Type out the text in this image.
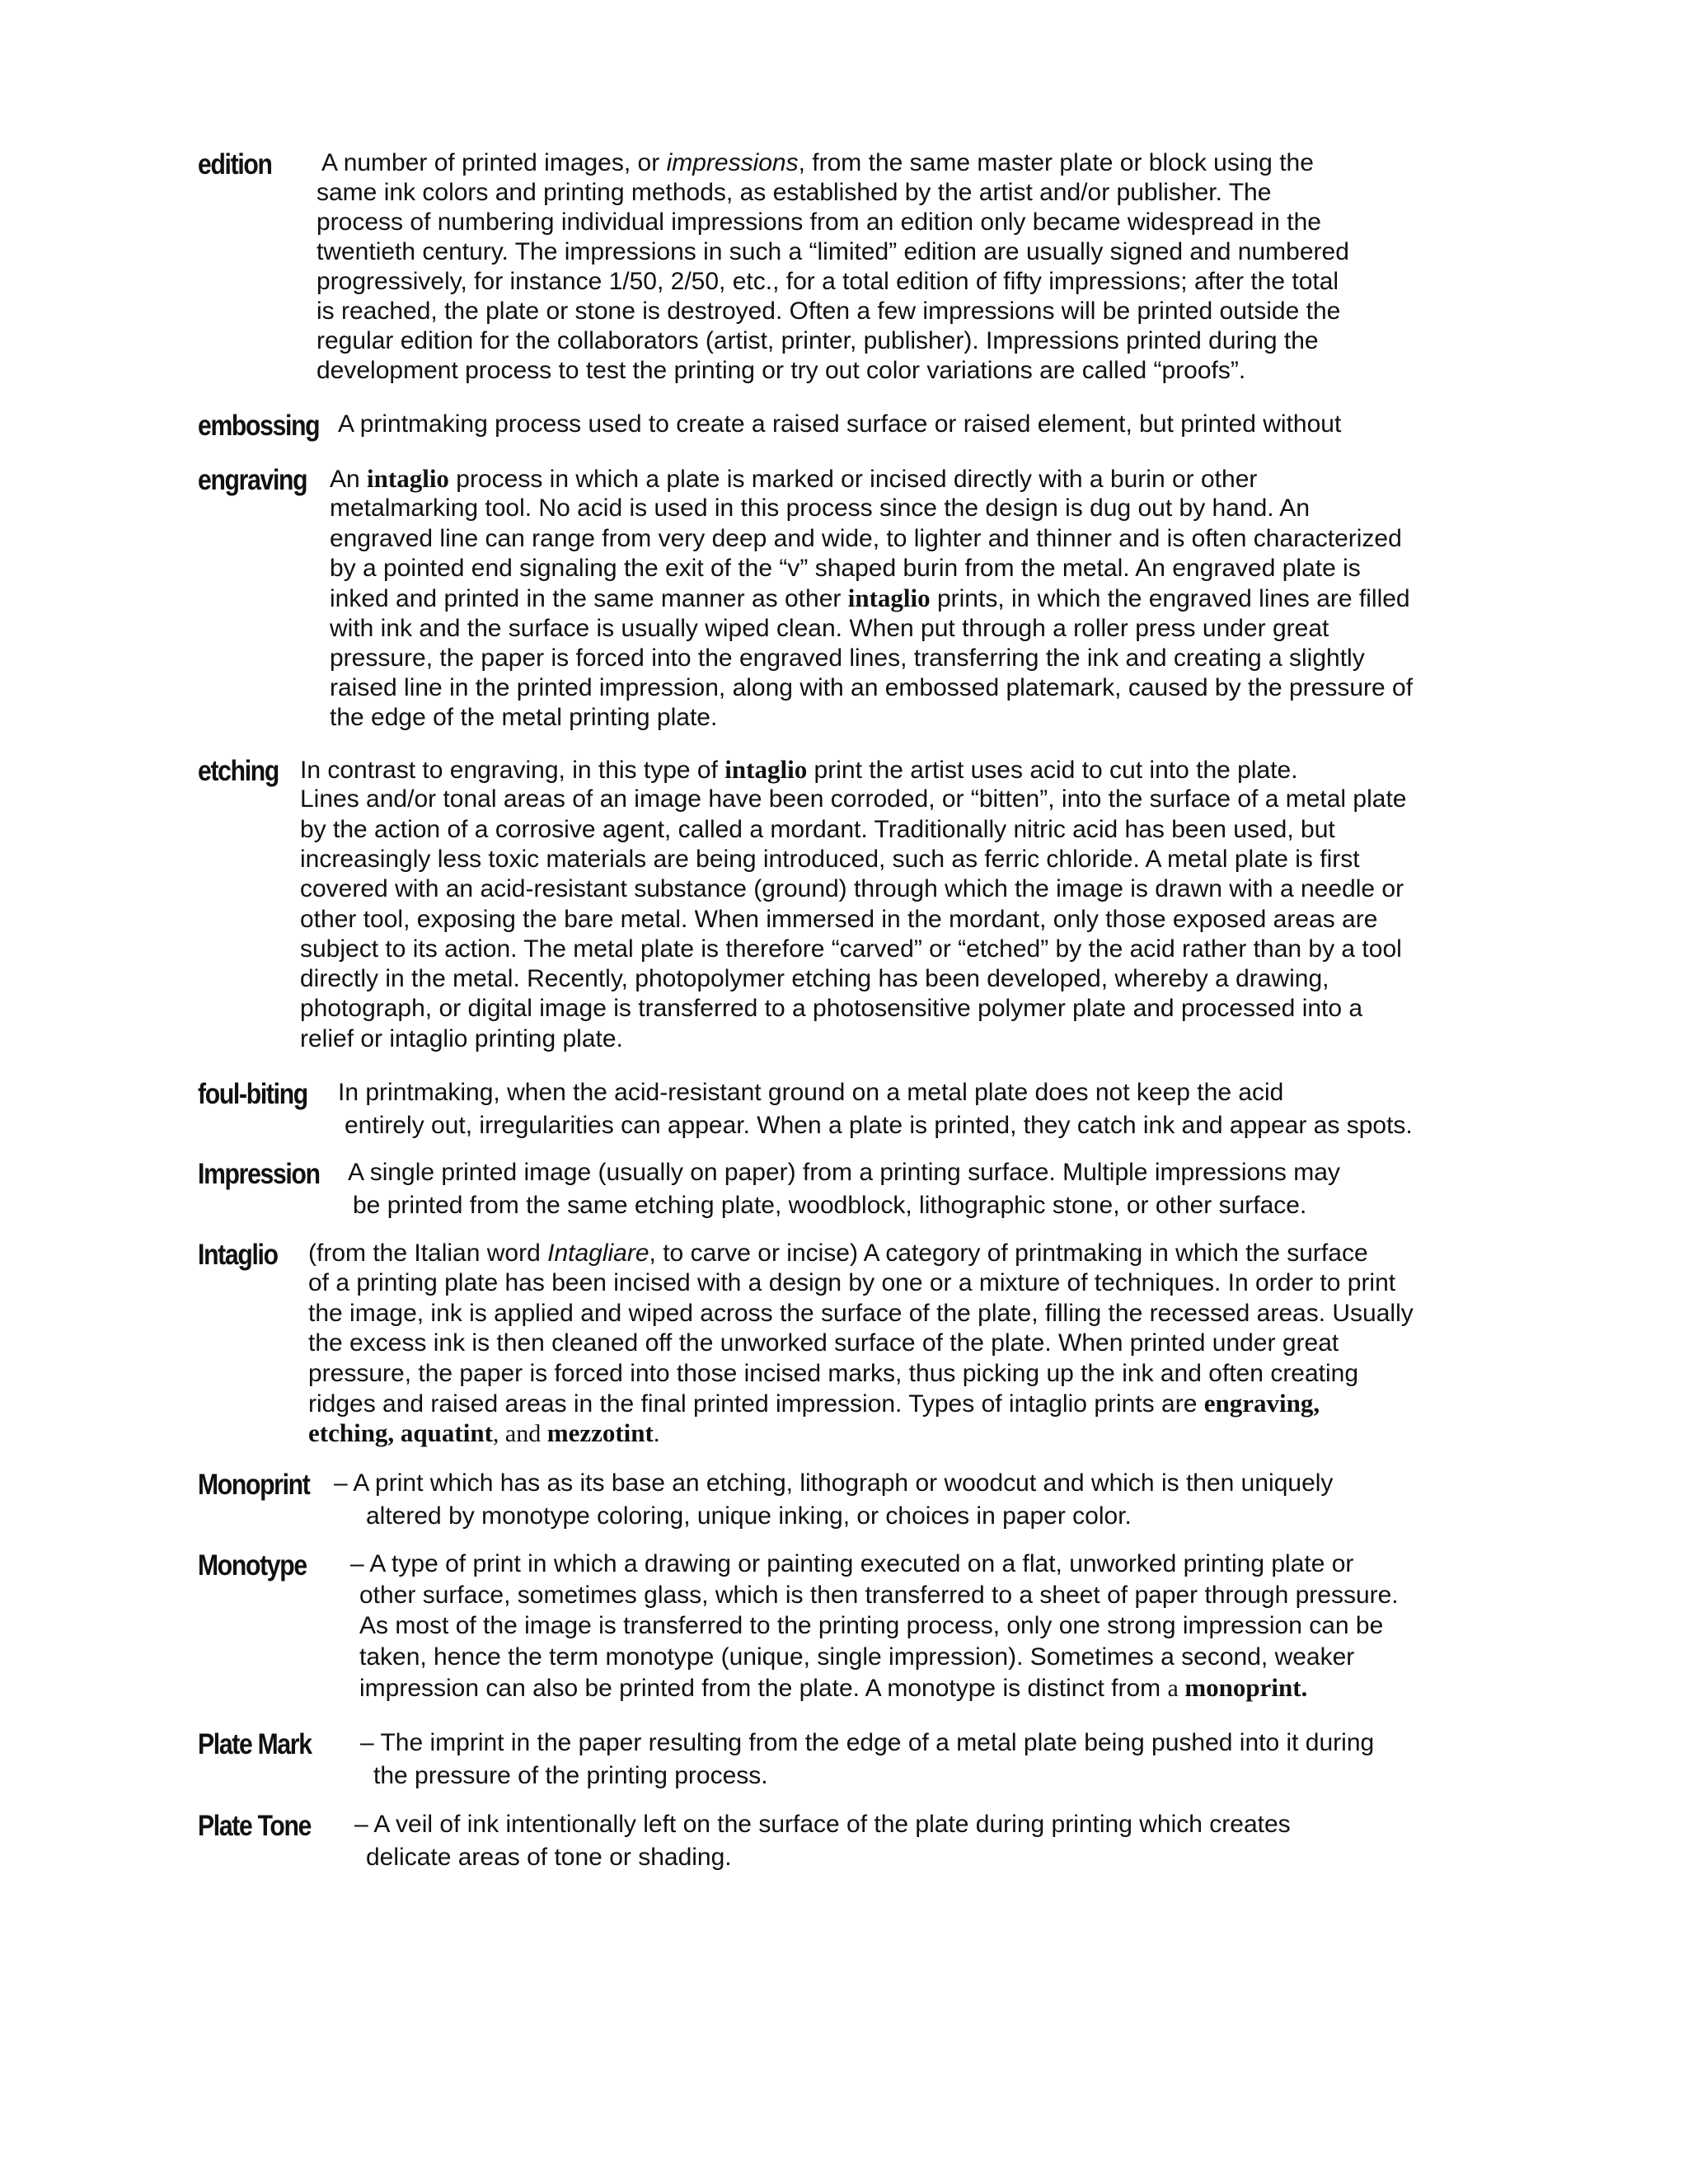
edition A number of printed images, or impressions, from the same master plate or block using the
same ink colors and printing methods, as established by the artist and/or publisher. The
process of numbering individual impressions from an edition only became widespread in the
twentieth century. The impressions in such a “limited” edition are usually signed and numbered
progressively, for instance 1/50, 2/50, etc., for a total edition of fifty impressions; after the total
is reached, the plate or stone is destroyed. Often a few impressions will be printed outside the
regular edition for the collaborators (artist, printer, publisher). Impressions printed during the
development process to test the printing or try out color variations are called “proofs”.
embossing A printmaking process used to create a raised surface or raised element, but printed without
engraving An intaglio process in which a plate is marked or incised directly with a burin or other
metalmarking tool. No acid is used in this process since the design is dug out by hand. An
engraved line can range from very deep and wide, to lighter and thinner and is often characterized
by a pointed end signaling the exit of the “v” shaped burin from the metal. An engraved plate is
inked and printed in the same manner as other intaglio prints, in which the engraved lines are filled
with ink and the surface is usually wiped clean. When put through a roller press under great
pressure, the paper is forced into the engraved lines, transferring the ink and creating a slightly
raised line in the printed impression, along with an embossed platemark, caused by the pressure of
the edge of the metal printing plate.
etching In contrast to engraving, in this type of intaglio print the artist uses acid to cut into the plate.
Lines and/or tonal areas of an image have been corroded, or “bitten”, into the surface of a metal plate
by the action of a corrosive agent, called a mordant. Traditionally nitric acid has been used, but
increasingly less toxic materials are being introduced, such as ferric chloride. A metal plate is first
covered with an acid-resistant substance (ground) through which the image is drawn with a needle or
other tool, exposing the bare metal. When immersed in the mordant, only those exposed areas are
subject to its action. The metal plate is therefore “carved” or “etched” by the acid rather than by a tool
directly in the metal. Recently, photopolymer etching has been developed, whereby a drawing,
photograph, or digital image is transferred to a photosensitive polymer plate and processed into a
relief or intaglio printing plate.
foul-biting In printmaking, when the acid-resistant ground on a metal plate does not keep the acid
entirely out, irregularities can appear. When a plate is printed, they catch ink and appear as spots.
Impression A single printed image (usually on paper) from a printing surface. Multiple impressions may
be printed from the same etching plate, woodblock, lithographic stone, or other surface.
Intaglio (from the Italian word Intagliare, to carve or incise) A category of printmaking in which the surface
of a printing plate has been incised with a design by one or a mixture of techniques. In order to print
the image, ink is applied and wiped across the surface of the plate, filling the recessed areas. Usually
the excess ink is then cleaned off the unworked surface of the plate. When printed under great
pressure, the paper is forced into those incised marks, thus picking up the ink and often creating
ridges and raised areas in the final printed impression. Types of intaglio prints are engraving,
etching, aquatint, and mezzotint.
Monoprint – A print which has as its base an etching, lithograph or woodcut and which is then uniquely
altered by monotype coloring, unique inking, or choices in paper color.
Monotype – A type of print in which a drawing or painting executed on a flat, unworked printing plate or
other surface, sometimes glass, which is then transferred to a sheet of paper through pressure.
As most of the image is transferred to the printing process, only one strong impression can be
taken, hence the term monotype (unique, single impression). Sometimes a second, weaker
impression can also be printed from the plate. A monotype is distinct from a monoprint.
Plate Mark – The imprint in the paper resulting from the edge of a metal plate being pushed into it during
the pressure of the printing process.
Plate Tone – A veil of ink intentionally left on the surface of the plate during printing which creates
delicate areas of tone or shading.
